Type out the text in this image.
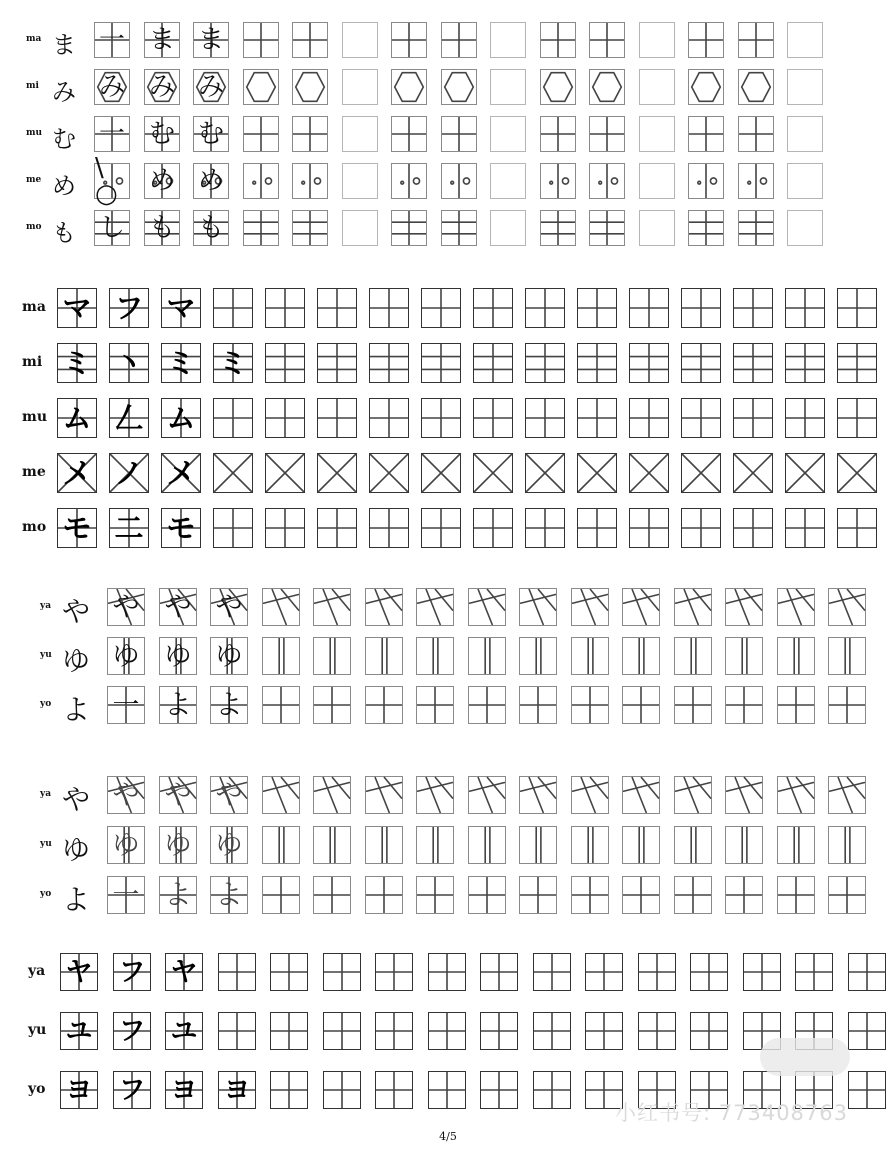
ma ま 一 ま ま
mi み み み み
mu む 一 む む
me め
\ ○	め め
mo も し も も
ma マ フ マ
mi ミ 丶 ミ ミ
mu ム 𠃋 ム
me メ ノ メ
mo モ 二 モ
ya や や や や
yu ゆ ゆ ゆ ゆ
yo よ 一 よ よ
ya や や や や
yu ゆ ゆ ゆ ゆ
yo よ 一 よ よ
ya ヤ フ ヤ
yu ユ フ ユ
yo ヨ フ ヨ ヨ
4/5
小红书号: 773408763
